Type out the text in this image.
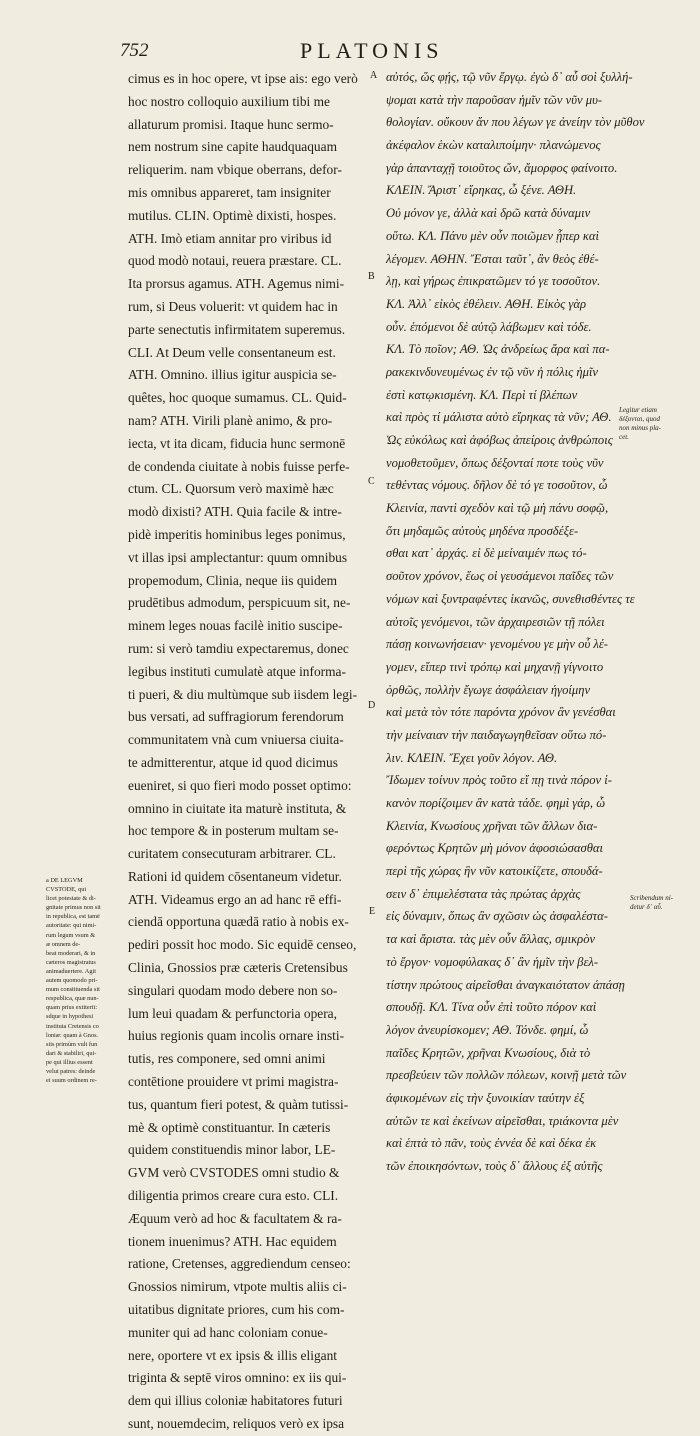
752	PLATONIS
cimus es in hoc opere, vt ipse ais: ego verò
hoc nostro colloquio auxilium tibi me
allaturum promisi. Itaque hunc sermo-
nem nostrum sine capite haudquaquam
reliquerim. nam vbique oberrans, defor-
mis omnibus appareret, tam insigniter
mutilus. CLIN. Optimè dixisti, hospes.
ATH. Imò etiam annitar pro viribus id
quod modò notaui, reuera præstare. CL.
Ita prorsus agamus. ATH. Agemus nimi-
rum, si Deus voluerit: vt quidem hac in
parte senectutis infirmitatem superemus.
CLI. At Deum velle consentaneum est.
ATH. Omnino. illius igitur auspicia se-
quêtes, hoc quoque sumamus. CL. Quid-
nam? ATH. Virili planè animo, & pro-
iecta, vt ita dicam, fiducia hunc sermonē
de condenda ciuitate à nobis fuisse perfe-
ctum. CL. Quorsum verò maximè hæc
modò dixisti? ATH. Quia facile & intre-
pidè imperitis hominibus leges ponimus,
vt illas ipsi amplectantur: quum omnibus
propemodum, Clinia, neque iis quidem
prudētibus admodum, perspicuum sit, ne-
minem leges nouas facilè initio suscipe-
rum: si verò tamdiu expectaremus, donec
legibus instituti cumulatè atque informa-
ti pueri, & diu multùmque sub iisdem legi-
bus versati, ad suffragiorum ferendorum
communitatem vnà cum vniuersa ciuita-
te admitterentur, atque id quod dicimus
eueniret, si quo fieri modo posset optimo:
omnino in ciuitate ita maturè instituta, &
hoc tempore & in posterum multam se-
curitatem consecuturam arbitrarer. CL.
Rationi id quidem cōsentaneum videtur.
ATH. Videamus ergo an ad hanc rē effi-
ciendā opportuna quædā ratio à nobis ex-
pediri possit hoc modo. Sic equidē censeo,
Clinia, Gnossios præ cæteris Cretensibus
singulari quodam modo debere non so-
lum leui quadam & perfunctoria opera,
huius regionis quam incolis ornare insti-
tutis, res componere, sed omni animi
contētione prouidere vt primi magistra-
tus, quantum fieri potest, & quàm tutissi-
mè & optimè constituantur. In cæteris
quidem constituendis minor labor, LE-
GVM verò CVSTODES omni studio &
diligentia primos creare cura esto. CLI.
Æquum verò ad hoc & facultatem & ra-
tionem inuenimus? ATH. Hac equidem
ratione, Cretenses, aggrediendum censeo:
Gnossios nimirum, vtpote multis aliis ci-
uitatibus dignitate priores, cum his com-
muniter qui ad hanc coloniam conue-
nere, oportere vt ex ipsis & illis eligant
triginta & septē viros omnino: ex iis qui-
dem qui illius coloniæ habitatores futuri
sunt, nouemdecim, reliquos verò ex ipsa
A
B
C
D
E
αὐτός, ὥς φῄς, τῷ νῦν ἔργῳ. ἐγὼ δ᾽ αὖ σοὶ ξυλλή-
ψομαι κατὰ τὴν παροῦσαν ἡμῖν τῶν νῦν μυ-
θολογίαν. οὔκουν ἄν που λέγων γε ἀνείην τὸν μῦθον
ἀκέφαλον ἑκὼν καταλιποίμην· πλανώμενος
γὰρ ἁπανταχῇ τοιοῦτος ὤν, ἄμορφος φαίνοιτο.
ΚΛΕΙΝ. Ἄριστ᾽ εἴρηκας, ὦ ξένε. ΑΘΗ.
Οὐ μόνον γε, ἀλλὰ καὶ δρῶ κατὰ δύναμιν
οὕτω. ΚΛ. Πάνυ μὲν οὖν ποιῶμεν ᾗπερ καὶ
λέγομεν. ΑΘΗΝ. Ἔσται ταῦτ᾽, ἂν θεὸς ἐθέ-
λῃ, καὶ γήρως ἐπικρατῶμεν τό γε τοσοῦτον.
ΚΛ. Ἀλλ᾽ εἰκὸς ἐθέλειν. ΑΘΗ. Εἰκὸς γὰρ
οὖν. ἑπόμενοι δὲ αὐτῷ λάβωμεν καὶ τόδε.
ΚΛ. Τὸ ποῖον; ΑΘ. Ὡς ἀνδρείως ἄρα καὶ πα-
ρακεκινδυνευμένως ἐν τῷ νῦν ἡ πόλις ἡμῖν
ἐστὶ κατῳκισμένη. ΚΛ. Περὶ τί βλέπων
καὶ πρὸς τί μάλιστα αὐτὸ εἴρηκας τὰ νῦν; ΑΘ.
Ὡς εὐκόλως καὶ ἀφόβως ἀπείροις ἀνθρώποις
νομοθετοῦμεν, ὅπως δέξονταί ποτε τοὺς νῦν
τεθέντας νόμους. δῆλον δὲ τό γε τοσοῦτον, ὦ
Κλεινία, παντὶ σχεδὸν καὶ τῷ μὴ πάνυ σοφῷ,
ὅτι μηδαμῶς αὐτοὺς μηδένα προσδέξε-
σθαι κατ᾽ ἀρχάς. εἰ δὲ μείναιμέν πως τό-
σοῦτον χρόνον, ἕως οἱ γευσάμενοι παῖδες τῶν
νόμων καὶ ξυντραφέντες ἱκανῶς, συνεθισθέντες τε
αὐτοῖς γενόμενοι, τῶν ἀρχαιρεσιῶν τῇ πόλει
πάσῃ κοινωνήσειαν· γενομένου γε μὴν οὗ λέ-
γομεν, εἴπερ τινὶ τρόπῳ καὶ μηχανῇ γίγνοιτο
ὀρθῶς, πολλὴν ἔγωγε ἀσφάλειαν ἡγοίμην
καὶ μετὰ τὸν τότε παρόντα χρόνον ἂν γενέσθαι
τὴν μείναιαν τὴν παιδαγωγηθεῖσαν οὕτω πό-
λιν. ΚΛΕΙΝ. Ἔχει γοῦν λόγον. ΑΘ.
Ἴδωμεν τοίνυν πρὸς τοῦτο εἴ πῃ τινὰ πόρον ἱ-
κανὸν πορίζοιμεν ἂν κατὰ τάδε. φημὶ γάρ, ὦ
Κλεινία, Κνωσίους χρῆναι τῶν ἄλλων δια-
φερόντως Κρητῶν μὴ μόνον ἀφοσιώσασθαι
περὶ τῆς χώρας ἣν νῦν κατοικίζετε, σπουδά-
σειν δ᾽ ἐπιμελέστατα τὰς πρώτας ἀρχὰς
εἰς δύναμιν, ὅπως ἂν σχῶσιν ὡς ἀσφαλέστα-
τα καὶ ἄριστα. τὰς μὲν οὖν ἄλλας, σμικρὸν
τὸ ἔργον· νομοφύλακας δ᾽ ἂν ἡμῖν τὴν βελ-
τίστην πρώτους αἱρεῖσθαι ἀναγκαιότατον ἁπάσῃ
σπουδῇ. ΚΛ. Τίνα οὖν ἐπὶ τοῦτο πόρον καὶ
λόγον ἀνευρίσκομεν; ΑΘ. Τόνδε. φημί, ὦ
παῖδες Κρητῶν, χρῆναι Κνωσίους, διὰ τὸ
πρεσβεύειν τῶν πολλῶν πόλεων, κοινῇ μετὰ τῶν
ἀφικομένων εἰς τὴν ξυνοικίαν ταύτην ἐξ
αὐτῶν τε καὶ ἐκείνων αἱρεῖσθαι, τριάκοντα μὲν
καὶ ἑπτὰ τὸ πᾶν, τοὺς ἐννέα δὲ καὶ δέκα ἐκ
τῶν ἐποικησόντων, τοὺς δ᾽ ἄλλους ἐξ αὐτῆς
a DE LEGVM
CVSTODE, qui
licet potestate & di-
gnitate primus non sit
in republica, est tamē
autoritate: qui nimi-
rum legum vsum &
æ omnem de-
beat moderari, & in
cæteros magistratus
animaduertere. Agit
autem quomodo pri-
mum constituenda sit
respublica, quæ nun-
quam prius extiterit:
sdque in hypothesi
instituta Cretensis co
loniæ: quam à Gnos.
siis primùm vult fun
dari & stabiliri, qui-
pe qui illius essent
velut patres: deinde
ei suum ordinem re-
Legitur etiam
δέξονται, quod
non minus pla-
cet.
Scribendum ni-
detur δ᾽ αὖ.
